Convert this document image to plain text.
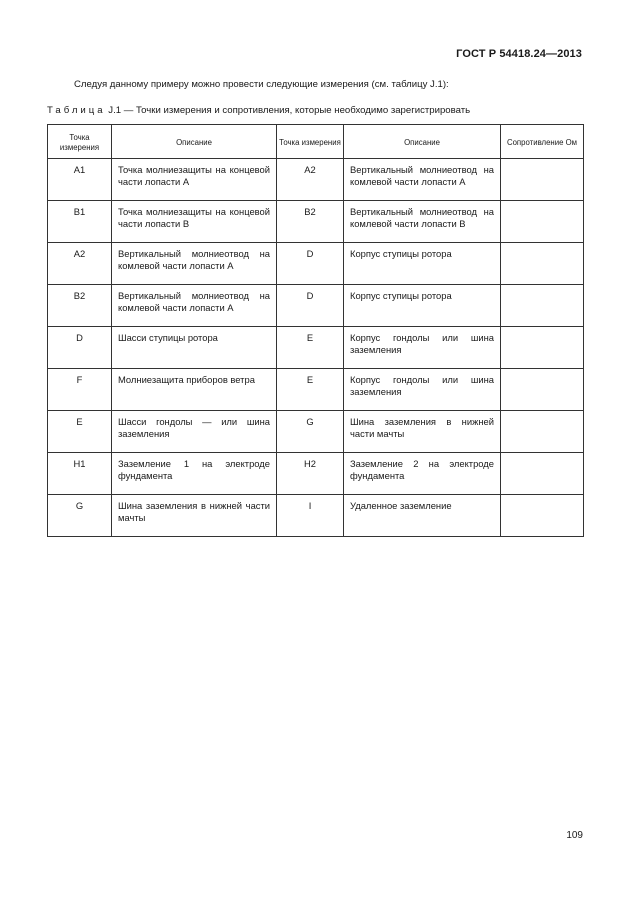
ГОСТ Р 54418.24—2013
Следуя данному примеру можно провести следующие измерения (см. таблицу J.1):
Таблица J.1 — Точки измерения и сопротивления, которые необходимо зарегистрировать
Точка измерения	Описание	Точка измерения	Описание	Сопротивление Ом
A1	Точка молниезащиты на концевой части лопасти А	A2	Вертикальный молниеотвод на комлевой части лопасти А	
B1	Точка молниезащиты на концевой части лопасти В	B2	Вертикальный молниеотвод на комлевой части лопасти В	
A2	Вертикальный молниеотвод на комлевой части лопасти А	D	Корпус ступицы ротора	
B2	Вертикальный молниеотвод на комлевой части лопасти А	D	Корпус ступицы ротора	
D	Шасси ступицы ротора	E	Корпус гондолы или шина заземления	
F	Молниезащита приборов ветра	E	Корпус гондолы или шина заземления	
E	Шасси гондолы — или шина заземления	G	Шина заземления в нижней части мачты	
H1	Заземление 1 на электроде фундамента	H2	Заземление 2 на электроде фундамента	
G	Шина заземления в нижней части мачты	I	Удаленное заземление	
109
